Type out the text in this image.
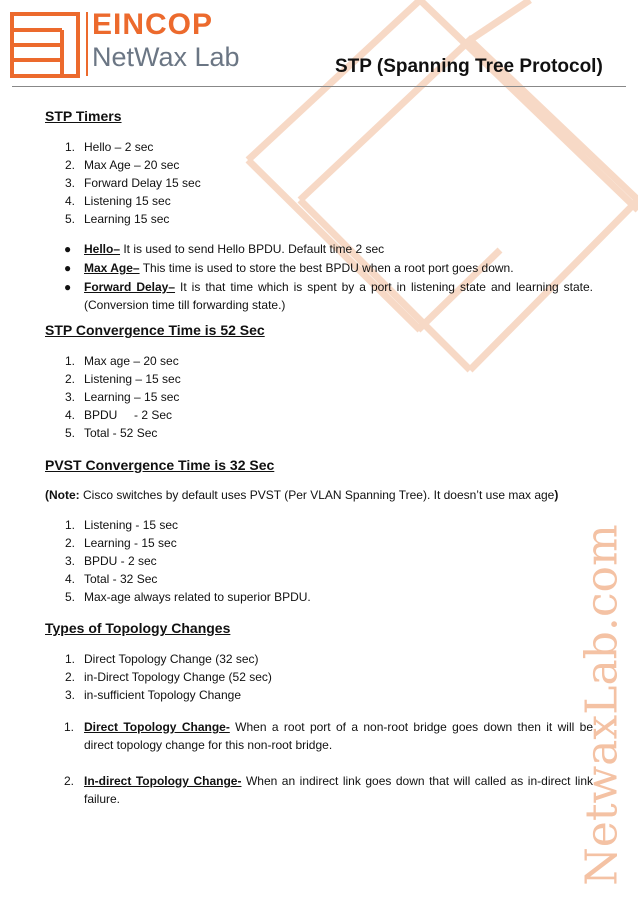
EINCOP
NetWax Lab	STP (Spanning Tree Protocol)
NetwaxLab.com
STP Timers
1. Hello – 2 sec
2. Max Age – 20 sec
3. Forward Delay 15 sec
4. Listening 15 sec
5. Learning 15 sec
● Hello– It is used to send Hello BPDU. Default time 2 sec
● Max Age– This time is used to store the best BPDU when a root port goes down.
● Forward Delay– It is that time which is spent by a port in listening state and learning state. (Conversion time till forwarding state.)
STP Convergence Time is 52 Sec
1. Max age – 20 sec
2. Listening – 15 sec
3. Learning – 15 sec
4. BPDU     - 2 Sec
5. Total - 52 Sec
PVST Convergence Time is 32 Sec

(Note: Cisco switches by default uses PVST (Per VLAN Spanning Tree). It doesn’t use max age)

1. Listening - 15 sec
2. Learning - 15 sec
3. BPDU - 2 sec
4. Total - 32 Sec
5. Max-age always related to superior BPDU.
Types of Topology Changes
1. Direct Topology Change (32 sec)
2. in-Direct Topology Change (52 sec)
3. in-sufficient Topology Change
1. Direct Topology Change- When a root port of a non-root bridge goes down then it will be direct topology change for this non-root bridge.
2. In-direct Topology Change- When an indirect link goes down that will called as in-direct link failure.
